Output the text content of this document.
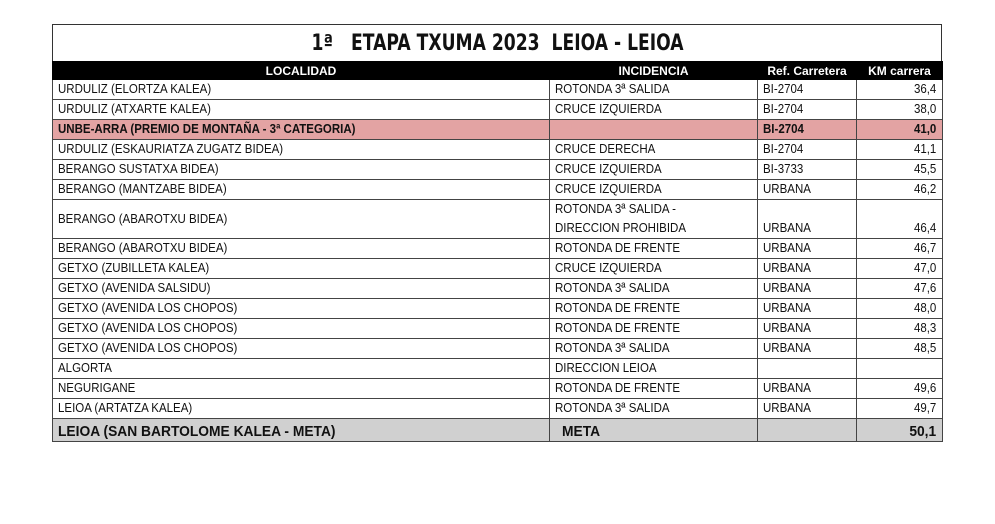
1ª   ETAPA TXUMA 2023  LEIOA - LEIOA
LOCALIDAD	INCIDENCIA	Ref. Carretera	KM carrera
URDULIZ (ELORTZA KALEA)	ROTONDA 3ª SALIDA	BI-2704	36,4
URDULIZ (ATXARTE KALEA)	CRUCE IZQUIERDA	BI-2704	38,0
UNBE-ARRA (PREMIO DE MONTAÑA - 3ª CATEGORIA)		BI-2704	41,0
URDULIZ (ESKAURIATZA ZUGATZ BIDEA)	CRUCE DERECHA	BI-2704	41,1
BERANGO SUSTATXA BIDEA)	CRUCE IZQUIERDA	BI-3733	45,5
BERANGO (MANTZABE BIDEA)	CRUCE IZQUIERDA	URBANA	46,2
BERANGO (ABAROTXU BIDEA)	ROTONDA 3ª SALIDA -
DIRECCION PROHIBIDA	URBANA	46,4
BERANGO (ABAROTXU BIDEA)	ROTONDA DE FRENTE	URBANA	46,7
GETXO (ZUBILLETA KALEA)	CRUCE IZQUIERDA	URBANA	47,0
GETXO (AVENIDA SALSIDU)	ROTONDA 3ª SALIDA	URBANA	47,6
GETXO (AVENIDA LOS CHOPOS)	ROTONDA DE FRENTE	URBANA	48,0
GETXO (AVENIDA LOS CHOPOS)	ROTONDA DE FRENTE	URBANA	48,3
GETXO (AVENIDA LOS CHOPOS)	ROTONDA 3ª SALIDA	URBANA	48,5
ALGORTA	DIRECCION LEIOA		
NEGURIGANE	ROTONDA DE FRENTE	URBANA	49,6
LEIOA (ARTATZA KALEA)	ROTONDA 3ª SALIDA	URBANA	49,7
LEIOA (SAN BARTOLOME KALEA - META)	META		50,1
